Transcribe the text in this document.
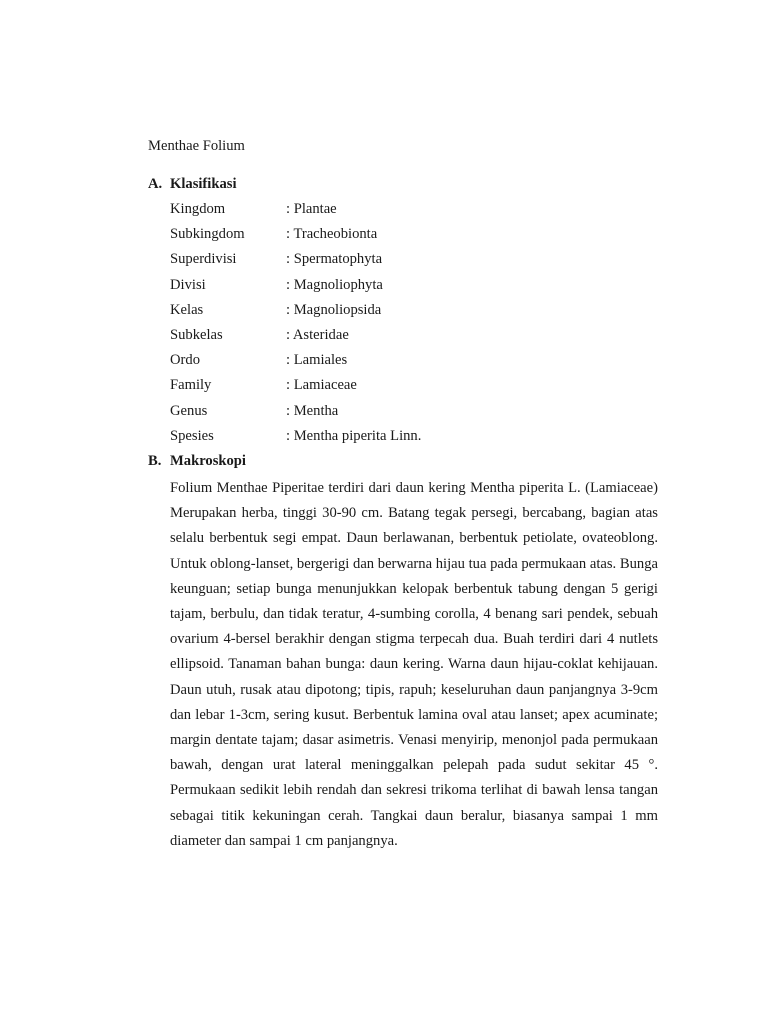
Menthae Folium

A. Klasifikasi
Kingdom	: Plantae
Subkingdom	: Tracheobionta
Superdivisi	: Spermatophyta
Divisi	: Magnoliophyta
Kelas	: Magnoliopsida
Subkelas	: Asteridae
Ordo	: Lamiales
Family	: Lamiaceae
Genus	: Mentha
Spesies	: Mentha piperita Linn.
B. Makroskopi

Folium Menthae Piperitae terdiri dari daun kering Mentha piperita L. (Lamiaceae) Merupakan herba, tinggi 30-90 cm. Batang tegak persegi, bercabang, bagian atas selalu berbentuk segi empat. Daun berlawanan, berbentuk petiolate, ovateoblong. Untuk oblong-lanset, bergerigi dan berwarna hijau tua pada permukaan atas. Bunga keunguan; setiap bunga menunjukkan kelopak berbentuk tabung dengan 5 gerigi tajam, berbulu, dan tidak teratur, 4-sumbing corolla, 4 benang sari pendek, sebuah ovarium 4-bersel berakhir dengan stigma terpecah dua. Buah terdiri dari 4 nutlets ellipsoid. Tanaman bahan bunga: daun kering. Warna daun hijau-coklat kehijauan. Daun utuh, rusak atau dipotong; tipis, rapuh; keseluruhan daun panjangnya 3-9cm dan lebar 1-3cm, sering kusut. Berbentuk lamina oval atau lanset; apex acuminate; margin dentate tajam; dasar asimetris. Venasi menyirip, menonjol pada permukaan bawah, dengan urat lateral meninggalkan pelepah pada sudut sekitar 45 °. Permukaan sedikit lebih rendah dan sekresi trikoma terlihat di bawah lensa tangan sebagai titik kekuningan cerah. Tangkai daun beralur, biasanya sampai 1 mm diameter dan sampai 1 cm panjangnya.
